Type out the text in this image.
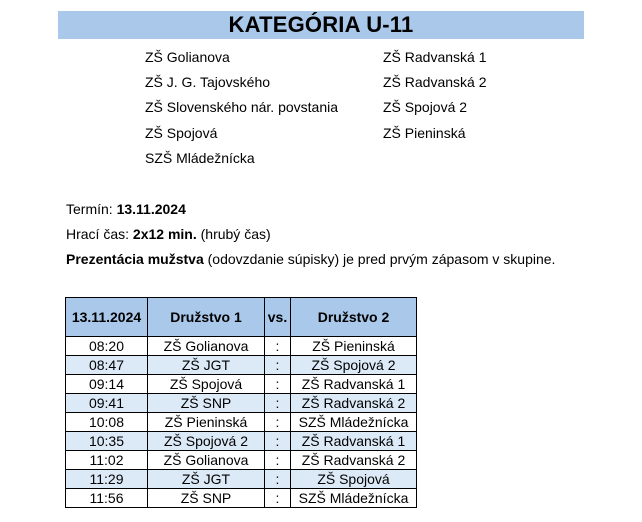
KATEGÓRIA U-11
ZŠ Golianova
ZŠ J. G. Tajovského
ZŠ Slovenského nár. povstania
ZŠ Spojová
SZŠ Mládežnícka
ZŠ Radvanská 1
ZŠ Radvanská 2
ZŠ Spojová 2
ZŠ Pieninská
Termín: 13.11.2024
Hrací čas: 2x12 min. (hrubý čas)
Prezentácia mužstva (odovzdanie súpisky) je pred prvým zápasom v skupine.
13.11.2024	Družstvo 1	vs.	Družstvo 2
08:20	ZŠ Golianova	:	ZŠ Pieninská
08:47	ZŠ JGT	:	ZŠ Spojová 2
09:14	ZŠ Spojová	:	ZŠ Radvanská 1
09:41	ZŠ SNP	:	ZŠ Radvanská 2
10:08	ZŠ Pieninská	:	SZŠ Mládežnícka
10:35	ZŠ Spojová 2	:	ZŠ Radvanská 1
11:02	ZŠ Golianova	:	ZŠ Radvanská 2
11:29	ZŠ JGT	:	ZŠ Spojová
11:56	ZŠ SNP	:	SZŠ Mládežnícka
